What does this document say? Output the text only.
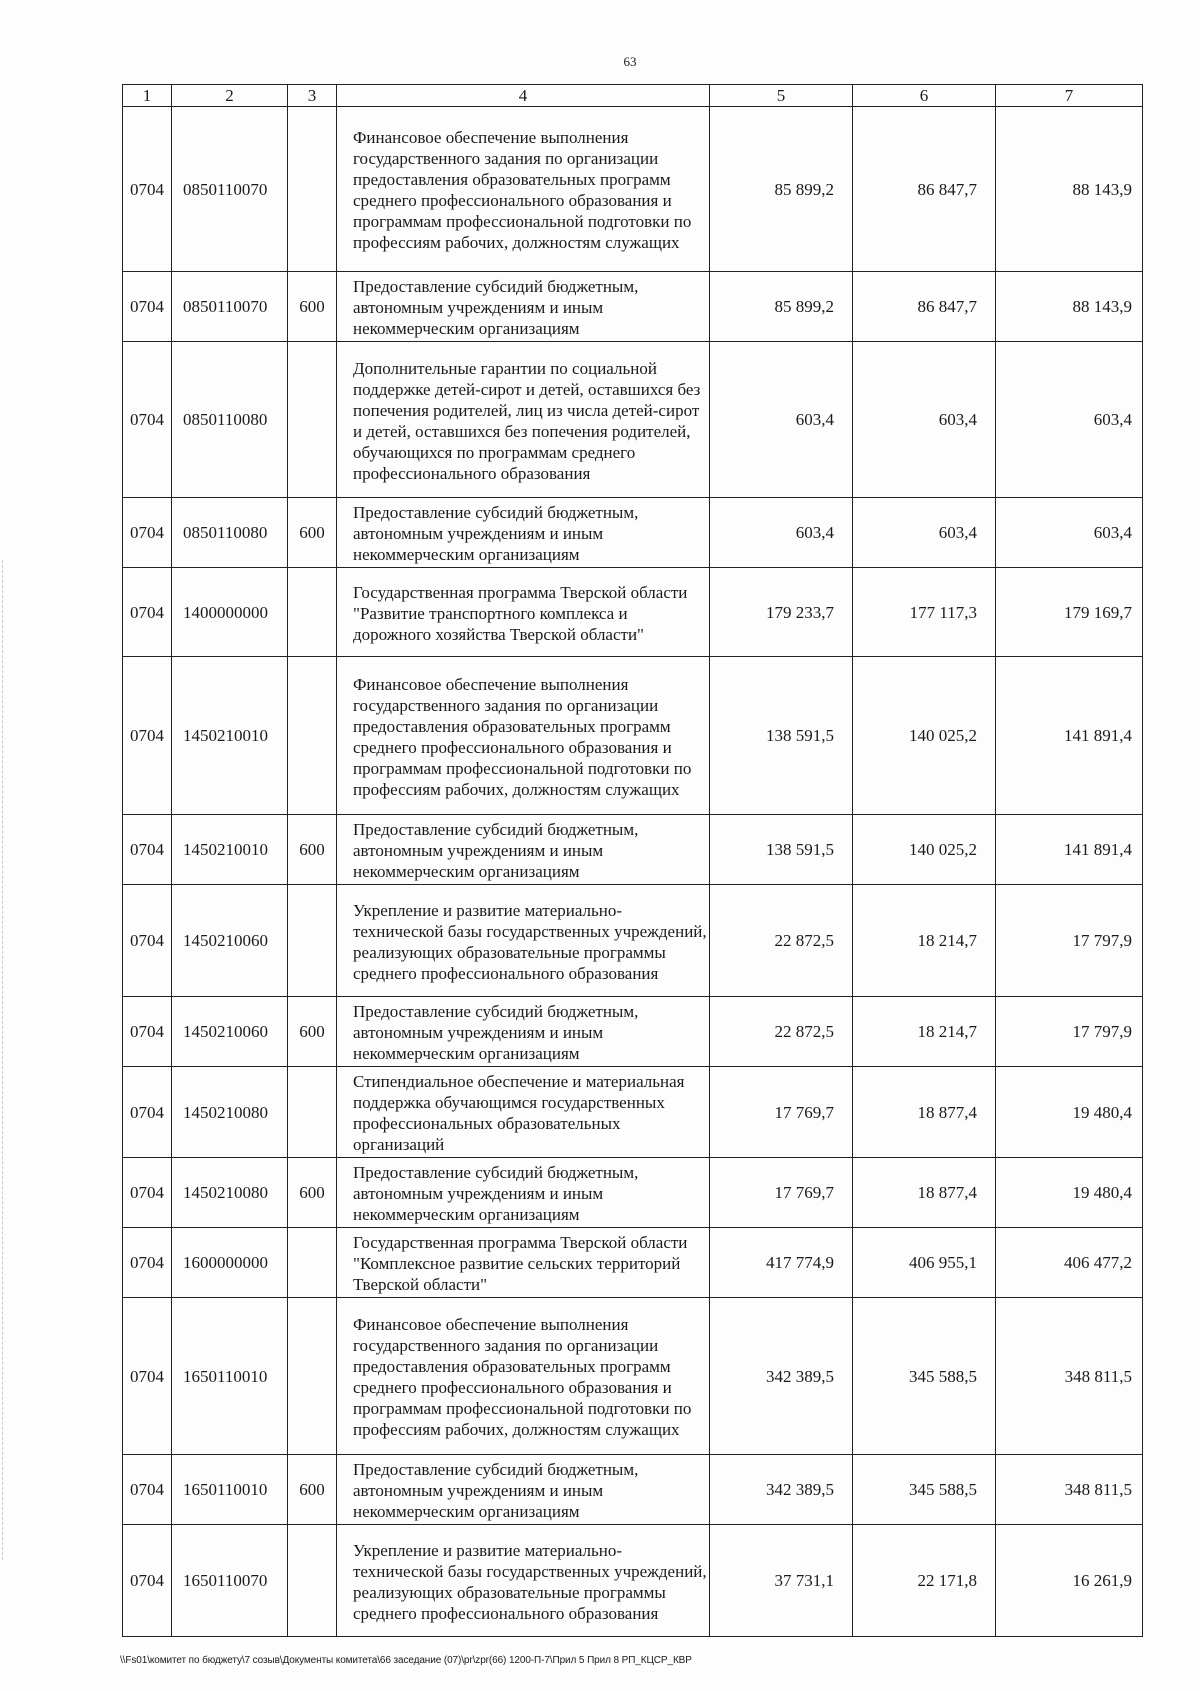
63
1	2	3	4	5	6	7
0704	0850110070		Финансовое обеспечение выполнения государственного задания по организации предоставления образовательных программ среднего профессионального образования и программам профессиональной подготовки по профессиям рабочих, должностям служащих	85 899,2	86 847,7	88 143,9
0704	0850110070	600	Предоставление субсидий бюджетным, автономным учреждениям и иным некоммерческим организациям	85 899,2	86 847,7	88 143,9
0704	0850110080		Дополнительные гарантии по социальной поддержке детей-сирот и детей, оставшихся без попечения родителей, лиц из числа детей-сирот и детей, оставшихся без попечения родителей, обучающихся по программам среднего профессионального образования	603,4	603,4	603,4
0704	0850110080	600	Предоставление субсидий бюджетным, автономным учреждениям и иным некоммерческим организациям	603,4	603,4	603,4
0704	1400000000		Государственная программа Тверской области "Развитие транспортного комплекса и дорожного хозяйства Тверской области"	179 233,7	177 117,3	179 169,7
0704	1450210010		Финансовое обеспечение выполнения государственного задания по организации предоставления образовательных программ среднего профессионального образования и программам профессиональной подготовки по профессиям рабочих, должностям служащих	138 591,5	140 025,2	141 891,4
0704	1450210010	600	Предоставление субсидий бюджетным, автономным учреждениям и иным некоммерческим организациям	138 591,5	140 025,2	141 891,4
0704	1450210060		Укрепление и развитие материально-технической базы государственных учреждений, реализующих образовательные программы среднего профессионального образования	22 872,5	18 214,7	17 797,9
0704	1450210060	600	Предоставление субсидий бюджетным, автономным учреждениям и иным некоммерческим организациям	22 872,5	18 214,7	17 797,9
0704	1450210080		Стипендиальное обеспечение и материальная поддержка обучающимся государственных профессиональных образовательных организаций	17 769,7	18 877,4	19 480,4
0704	1450210080	600	Предоставление субсидий бюджетным, автономным учреждениям и иным некоммерческим организациям	17 769,7	18 877,4	19 480,4
0704	1600000000		Государственная программа Тверской области "Комплексное развитие сельских территорий Тверской области"	417 774,9	406 955,1	406 477,2
0704	1650110010		Финансовое обеспечение выполнения государственного задания по организации предоставления образовательных программ среднего профессионального образования и программам профессиональной подготовки по профессиям рабочих, должностям служащих	342 389,5	345 588,5	348 811,5
0704	1650110010	600	Предоставление субсидий бюджетным, автономным учреждениям и иным некоммерческим организациям	342 389,5	345 588,5	348 811,5
0704	1650110070		Укрепление и развитие материально-технической базы государственных учреждений, реализующих образовательные программы среднего профессионального образования	37 731,1	22 171,8	16 261,9
\\Fs01\комитет по бюджету\7 созыв\Документы комитета\66 заседание (07)\pr\zpr(66) 1200-П-7\Прил 5 Прил 8 РП_КЦСР_КВР
